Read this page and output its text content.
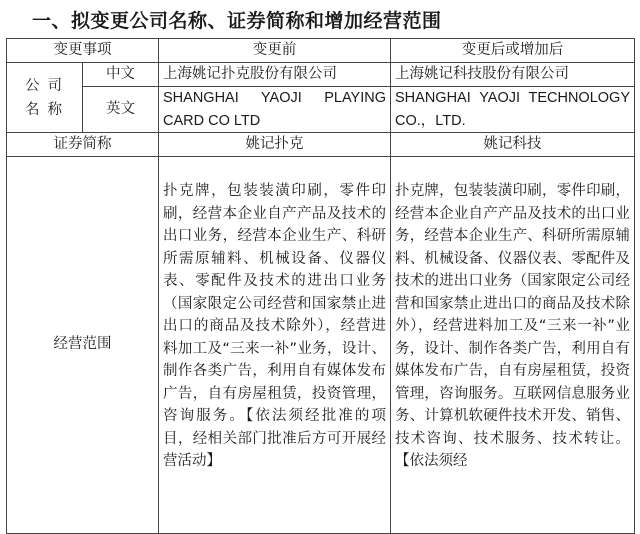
一、拟变更公司名称、证券简称和增加经营范围
变更事项		变更前	变更后或增加后
公司名称	中文	上海姚记扑克股份有限公司	上海姚记科技股份有限公司
	英文	SHANGHAI YAOJI PLAYING CARD CO LTD	SHANGHAI YAOJI TECHNOLOGY CO.，LTD.
证券简称		姚记扑克	姚记科技
经营范围		扑克牌，包装装潢印刷，零件印刷，经营本企业自产产品及技术的出口业务，经营本企业生产、科研所需原辅料、机械设备、仪器仪表、零配件及技术的进出口业务（国家限定公司经营和国家禁止进出口的商品及技术除外），经营进料加工及“三来一补”业务，设计、制作各类广告，利用自有媒体发布广告，自有房屋租赁，投资管理，咨询服务。【依法须经批准的项目，经相关部门批准后方可开展经营活动】	扑克牌，包装装潢印刷，零件印刷，经营本企业自产产品及技术的出口业务，经营本企业生产、科研所需原辅料、机械设备、仪器仪表、零配件及技术的进出口业务（国家限定公司经营和国家禁止进出口的商品及技术除外），经营进料加工及“三来一补”业务，设计、制作各类广告，利用自有媒体发布广告，自有房屋租赁，投资管理，咨询服务。互联网信息服务业务、计算机软硬件技术开发、销售、技术咨询、技术服务、技术转让。【依法须经
